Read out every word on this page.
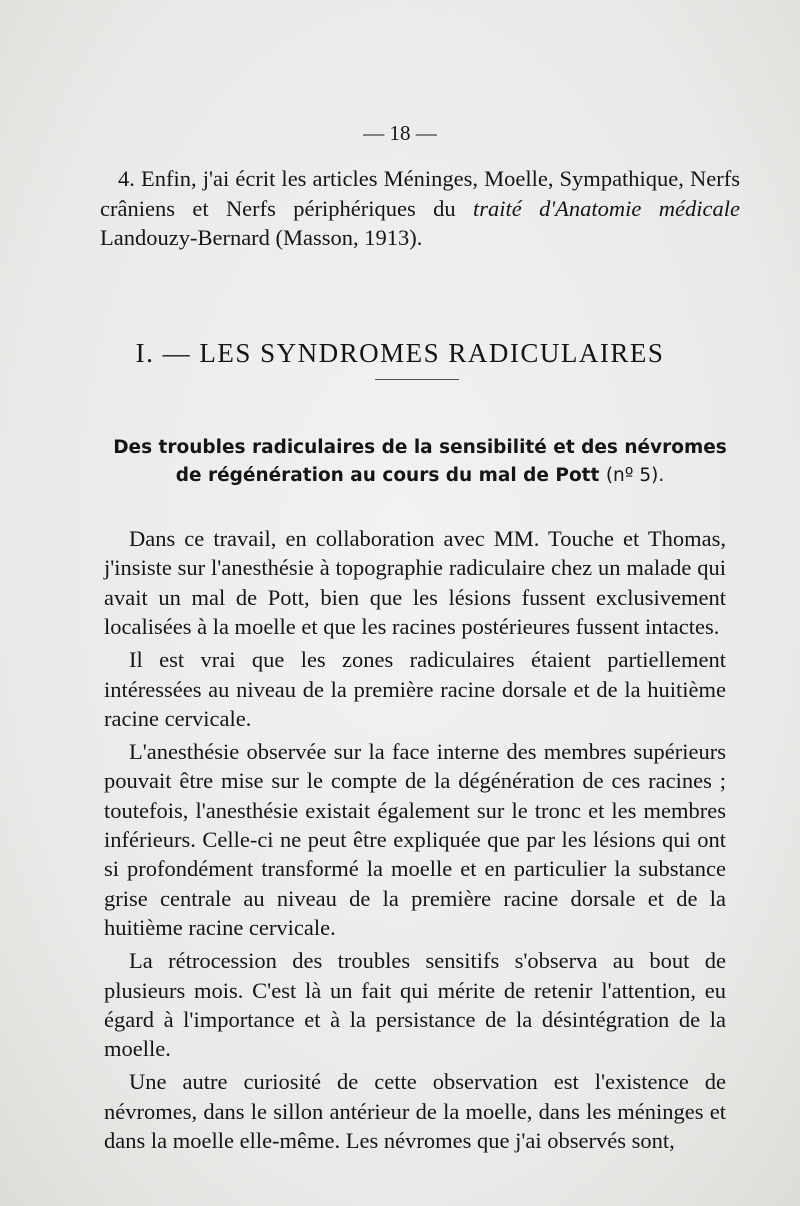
— 18 —
4. Enfin, j'ai écrit les articles Méninges, Moelle, Sympathique, Nerfs crâniens et Nerfs périphériques du traité d'Anatomie médicale Landouzy-Bernard (Masson, 1913).
I. — LES SYNDROMES RADICULAIRES
Des troubles radiculaires de la sensibilité et des névromes de régénération au cours du mal de Pott (nº 5).

Dans ce travail, en collaboration avec MM. Touche et Thomas, j'insiste sur l'anesthésie à topographie radiculaire chez un malade qui avait un mal de Pott, bien que les lésions fussent exclusivement localisées à la moelle et que les racines postérieures fussent intactes.

Il est vrai que les zones radiculaires étaient partiellement intéressées au niveau de la première racine dorsale et de la huitième racine cervicale.

L'anesthésie observée sur la face interne des membres supérieurs pouvait être mise sur le compte de la dégénération de ces racines ; toutefois, l'anesthésie existait également sur le tronc et les membres inférieurs. Celle-ci ne peut être expliquée que par les lésions qui ont si profondément transformé la moelle et en particulier la substance grise centrale au niveau de la première racine dorsale et de la huitième racine cervicale.

La rétrocession des troubles sensitifs s'observa au bout de plusieurs mois. C'est là un fait qui mérite de retenir l'attention, eu égard à l'importance et à la persistance de la désintégration de la moelle.

Une autre curiosité de cette observation est l'existence de névromes, dans le sillon antérieur de la moelle, dans les méninges et dans la moelle elle-même. Les névromes que j'ai observés sont,
